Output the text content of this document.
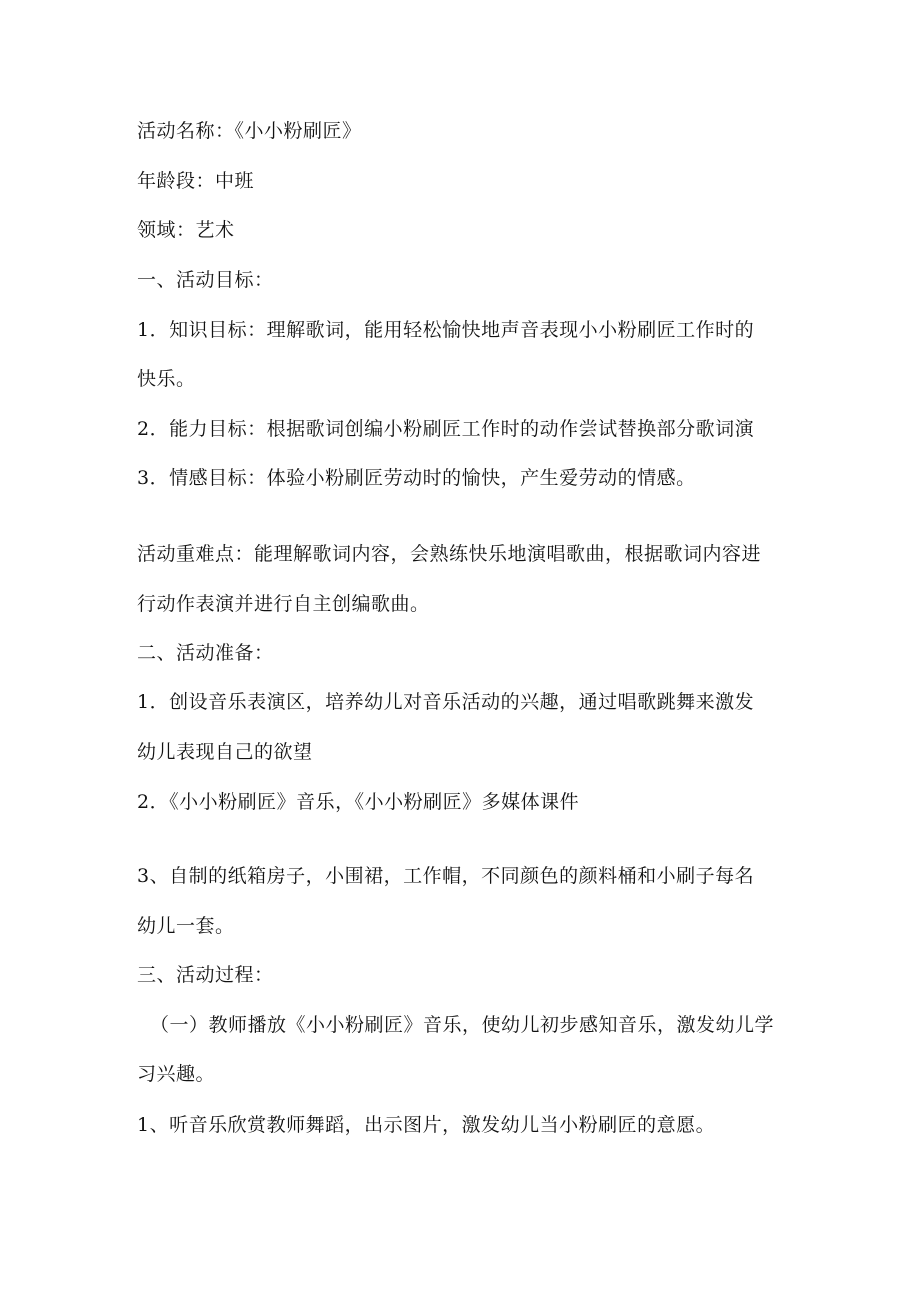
活动名称：《小小粉刷匠》
年龄段：中班
领域：艺术
一、活动目标：
1．知识目标：理解歌词，能用轻松愉快地声音表现小小粉刷匠工作时的
快乐。
2．能力目标：根据歌词创编小粉刷匠工作时的动作尝试替换部分歌词演
3．情感目标：体验小粉刷匠劳动时的愉快，产生爱劳动的情感。
活动重难点：能理解歌词内容，会熟练快乐地演唱歌曲，根据歌词内容进
行动作表演并进行自主创编歌曲。
二、活动准备：
1．创设音乐表演区，培养幼儿对音乐活动的兴趣，通过唱歌跳舞来激发
幼儿表现自己的欲望
2．《小小粉刷匠》音乐，《小小粉刷匠》多媒体课件
3、自制的纸箱房子，小围裙，工作帽，不同颜色的颜料桶和小刷子每名
幼儿一套。
三、活动过程：
（一）教师播放《小小粉刷匠》音乐，使幼儿初步感知音乐，激发幼儿学
习兴趣。
1、听音乐欣赏教师舞蹈，出示图片，激发幼儿当小粉刷匠的意愿。
